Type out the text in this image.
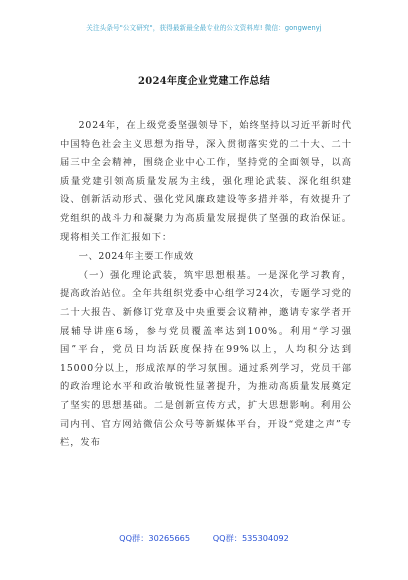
关注头条号"公文研究"，获得最新最全最专业的公文资料库! 微信：gongwenyj
2024年度企业党建工作总结

2024年，在上级党委坚强领导下，始终坚持以习近平新时代中国特色社会主义思想为指导，深入贯彻落实党的二十大、二十届三中全会精神，围绕企业中心工作，坚持党的全面领导，以高质量党建引领高质量发展为主线，强化理论武装、深化组织建设、创新活动形式、强化党风廉政建设等多措并举，有效提升了党组织的战斗力和凝聚力为高质量发展提供了坚强的政治保证。现将相关工作汇报如下：

一、2024年主要工作成效

（一）强化理论武装，筑牢思想根基。一是深化学习教育，提高政治站位。全年共组织党委中心组学习24次，专题学习党的二十大报告、新修订党章及中央重要会议精神，邀请专家学者开展辅导讲座6场，参与党员覆盖率达到100%。利用“学习强国”平台，党员日均活跃度保持在99%以上，人均积分达到15000分以上，形成浓厚的学习氛围。通过系列学习，党员干部的政治理论水平和政治敏锐性显著提升，为推动高质量发展奠定了坚实的思想基础。二是创新宣传方式，扩大思想影响。利用公司内刊、官方网站微信公众号等新媒体平台，开设“党建之声”专栏，发布

QQ群：30265665	QQ群：535304092
